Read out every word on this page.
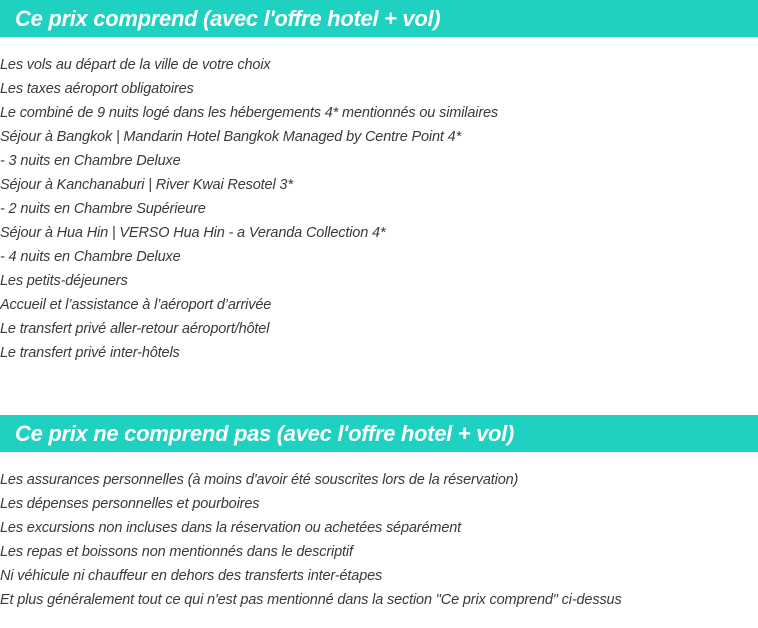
Ce prix comprend (avec l'offre hotel + vol)
Les vols au départ de la ville de votre choix
Les taxes aéroport obligatoires
Le combiné de 9 nuits logé dans les hébergements 4* mentionnés ou similaires
Séjour à Bangkok | Mandarin Hotel Bangkok Managed by Centre Point 4*
- 3 nuits en Chambre Deluxe
Séjour à Kanchanaburi | River Kwai Resotel 3*
- 2 nuits en Chambre Supérieure
Séjour à Hua Hin | VERSO Hua Hin - a Veranda Collection 4*
- 4 nuits en Chambre Deluxe
Les petits-déjeuners
Accueil et l’assistance à l’aéroport d’arrivée
Le transfert privé aller-retour aéroport/hôtel
Le transfert privé inter-hôtels
Ce prix ne comprend pas (avec l'offre hotel + vol)
Les assurances personnelles (à moins d'avoir été souscrites lors de la réservation)
Les dépenses personnelles et pourboires
Les excursions non incluses dans la réservation ou achetées séparément
Les repas et boissons non mentionnés dans le descriptif
Ni véhicule ni chauffeur en dehors des transferts inter-étapes
Et plus généralement tout ce qui n'est pas mentionné dans la section "Ce prix comprend" ci-dessus
